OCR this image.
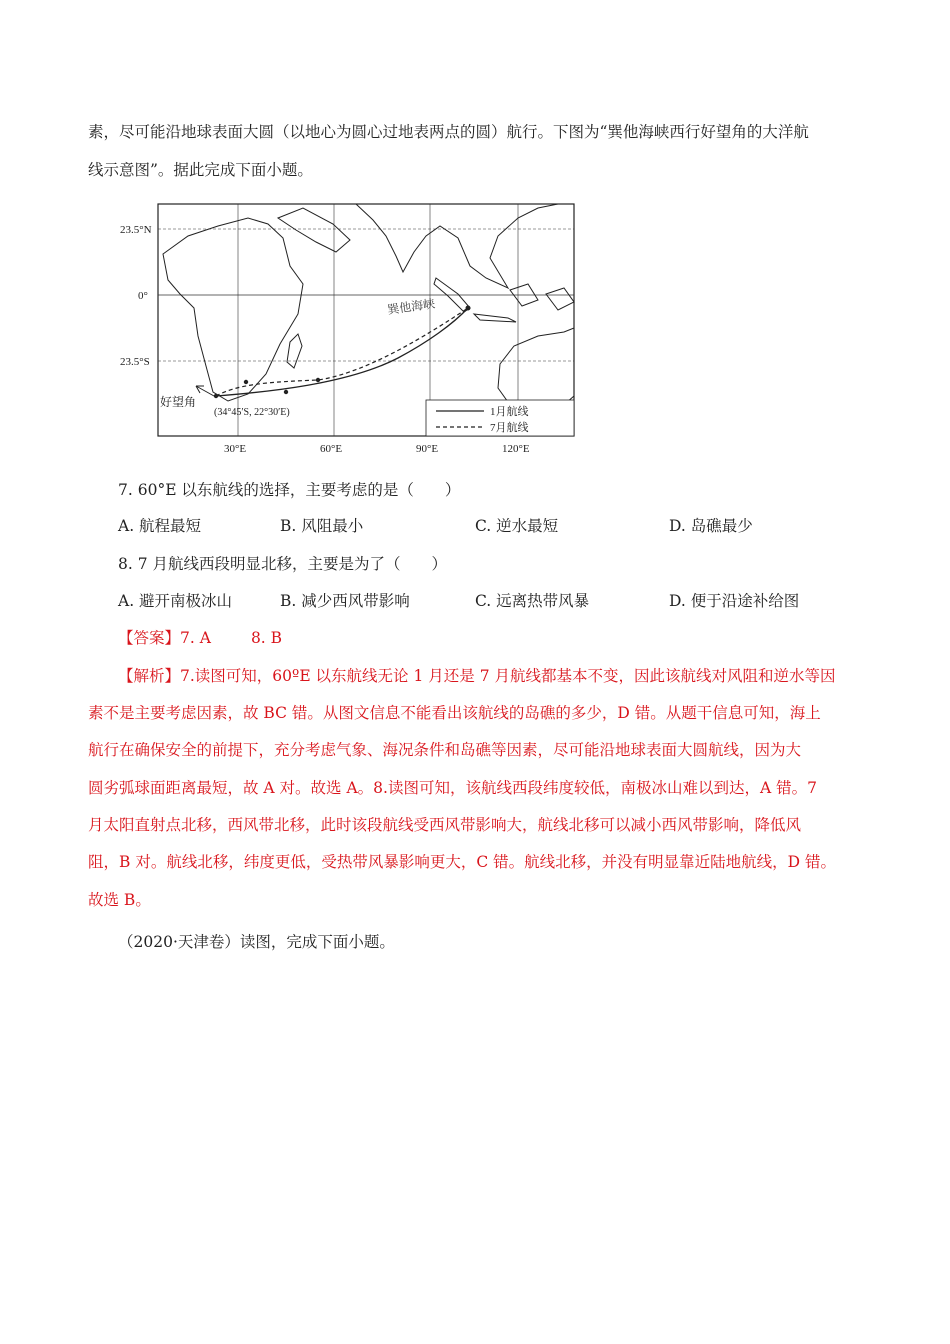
素，尽可能沿地球表面大圆（以地心为圆心过地表两点的圆）航行。下图为“巽他海峡西行好望角的大洋航
线示意图”。据此完成下面小题。
23.5°N
0°
23.5°S
30°E	60°E	90°E	120°E
巽他海峡
好望角
(34°45′S, 22°30′E)	1月航线
7月航线
7. 60°E 以东航线的选择，主要考虑的是（　　）
A. 航程最短	B. 风阻最小	C. 逆水最短	D. 岛礁最少
8. 7 月航线西段明显北移，主要是为了（　　）
A. 避开南极冰山	B. 减少西风带影响	C. 远离热带风暴	D. 便于沿途补给图
【答案】7. A	8. B
【解析】7.读图可知，60ºE 以东航线无论 1 月还是 7 月航线都基本不变，因此该航线对风阻和逆水等因
素不是主要考虑因素，故 BC 错。从图文信息不能看出该航线的岛礁的多少，D 错。从题干信息可知，海上
航行在确保安全的前提下，充分考虑气象、海况条件和岛礁等因素，尽可能沿地球表面大圆航线，因为大
圆劣弧球面距离最短，故 A 对。故选 A。8.读图可知，该航线西段纬度较低，南极冰山难以到达，A 错。7
月太阳直射点北移，西风带北移，此时该段航线受西风带影响大，航线北移可以减小西风带影响，降低风
阻，B 对。航线北移，纬度更低，受热带风暴影响更大，C 错。航线北移，并没有明显靠近陆地航线，D 错。
故选 B。
（2020·天津卷）读图，完成下面小题。
